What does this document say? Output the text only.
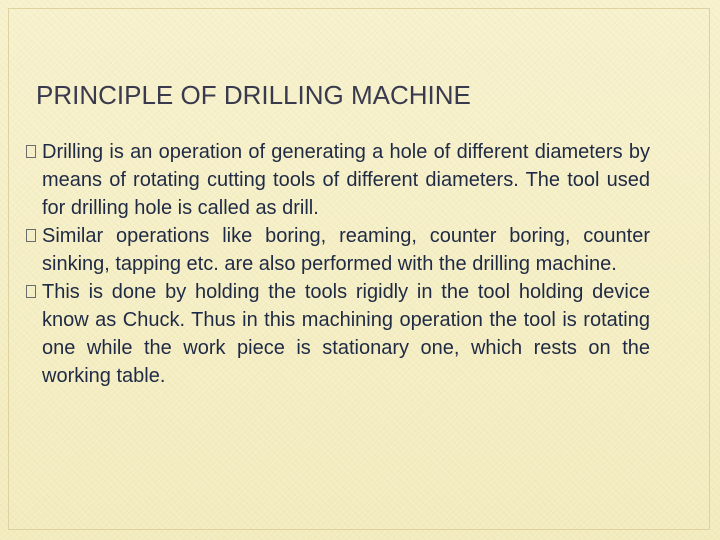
PRINCIPLE OF DRILLING MACHINE
Drilling is an operation of generating a hole of different diameters by means of rotating cutting tools of different diameters. The tool used for drilling hole is called as drill.
Similar operations like boring, reaming, counter boring, counter sinking, tapping etc. are also performed with the drilling machine.
This is done by holding the tools rigidly in the tool holding device know as Chuck. Thus in this machining operation the tool is rotating one while the work piece is stationary one, which rests on the working table.
